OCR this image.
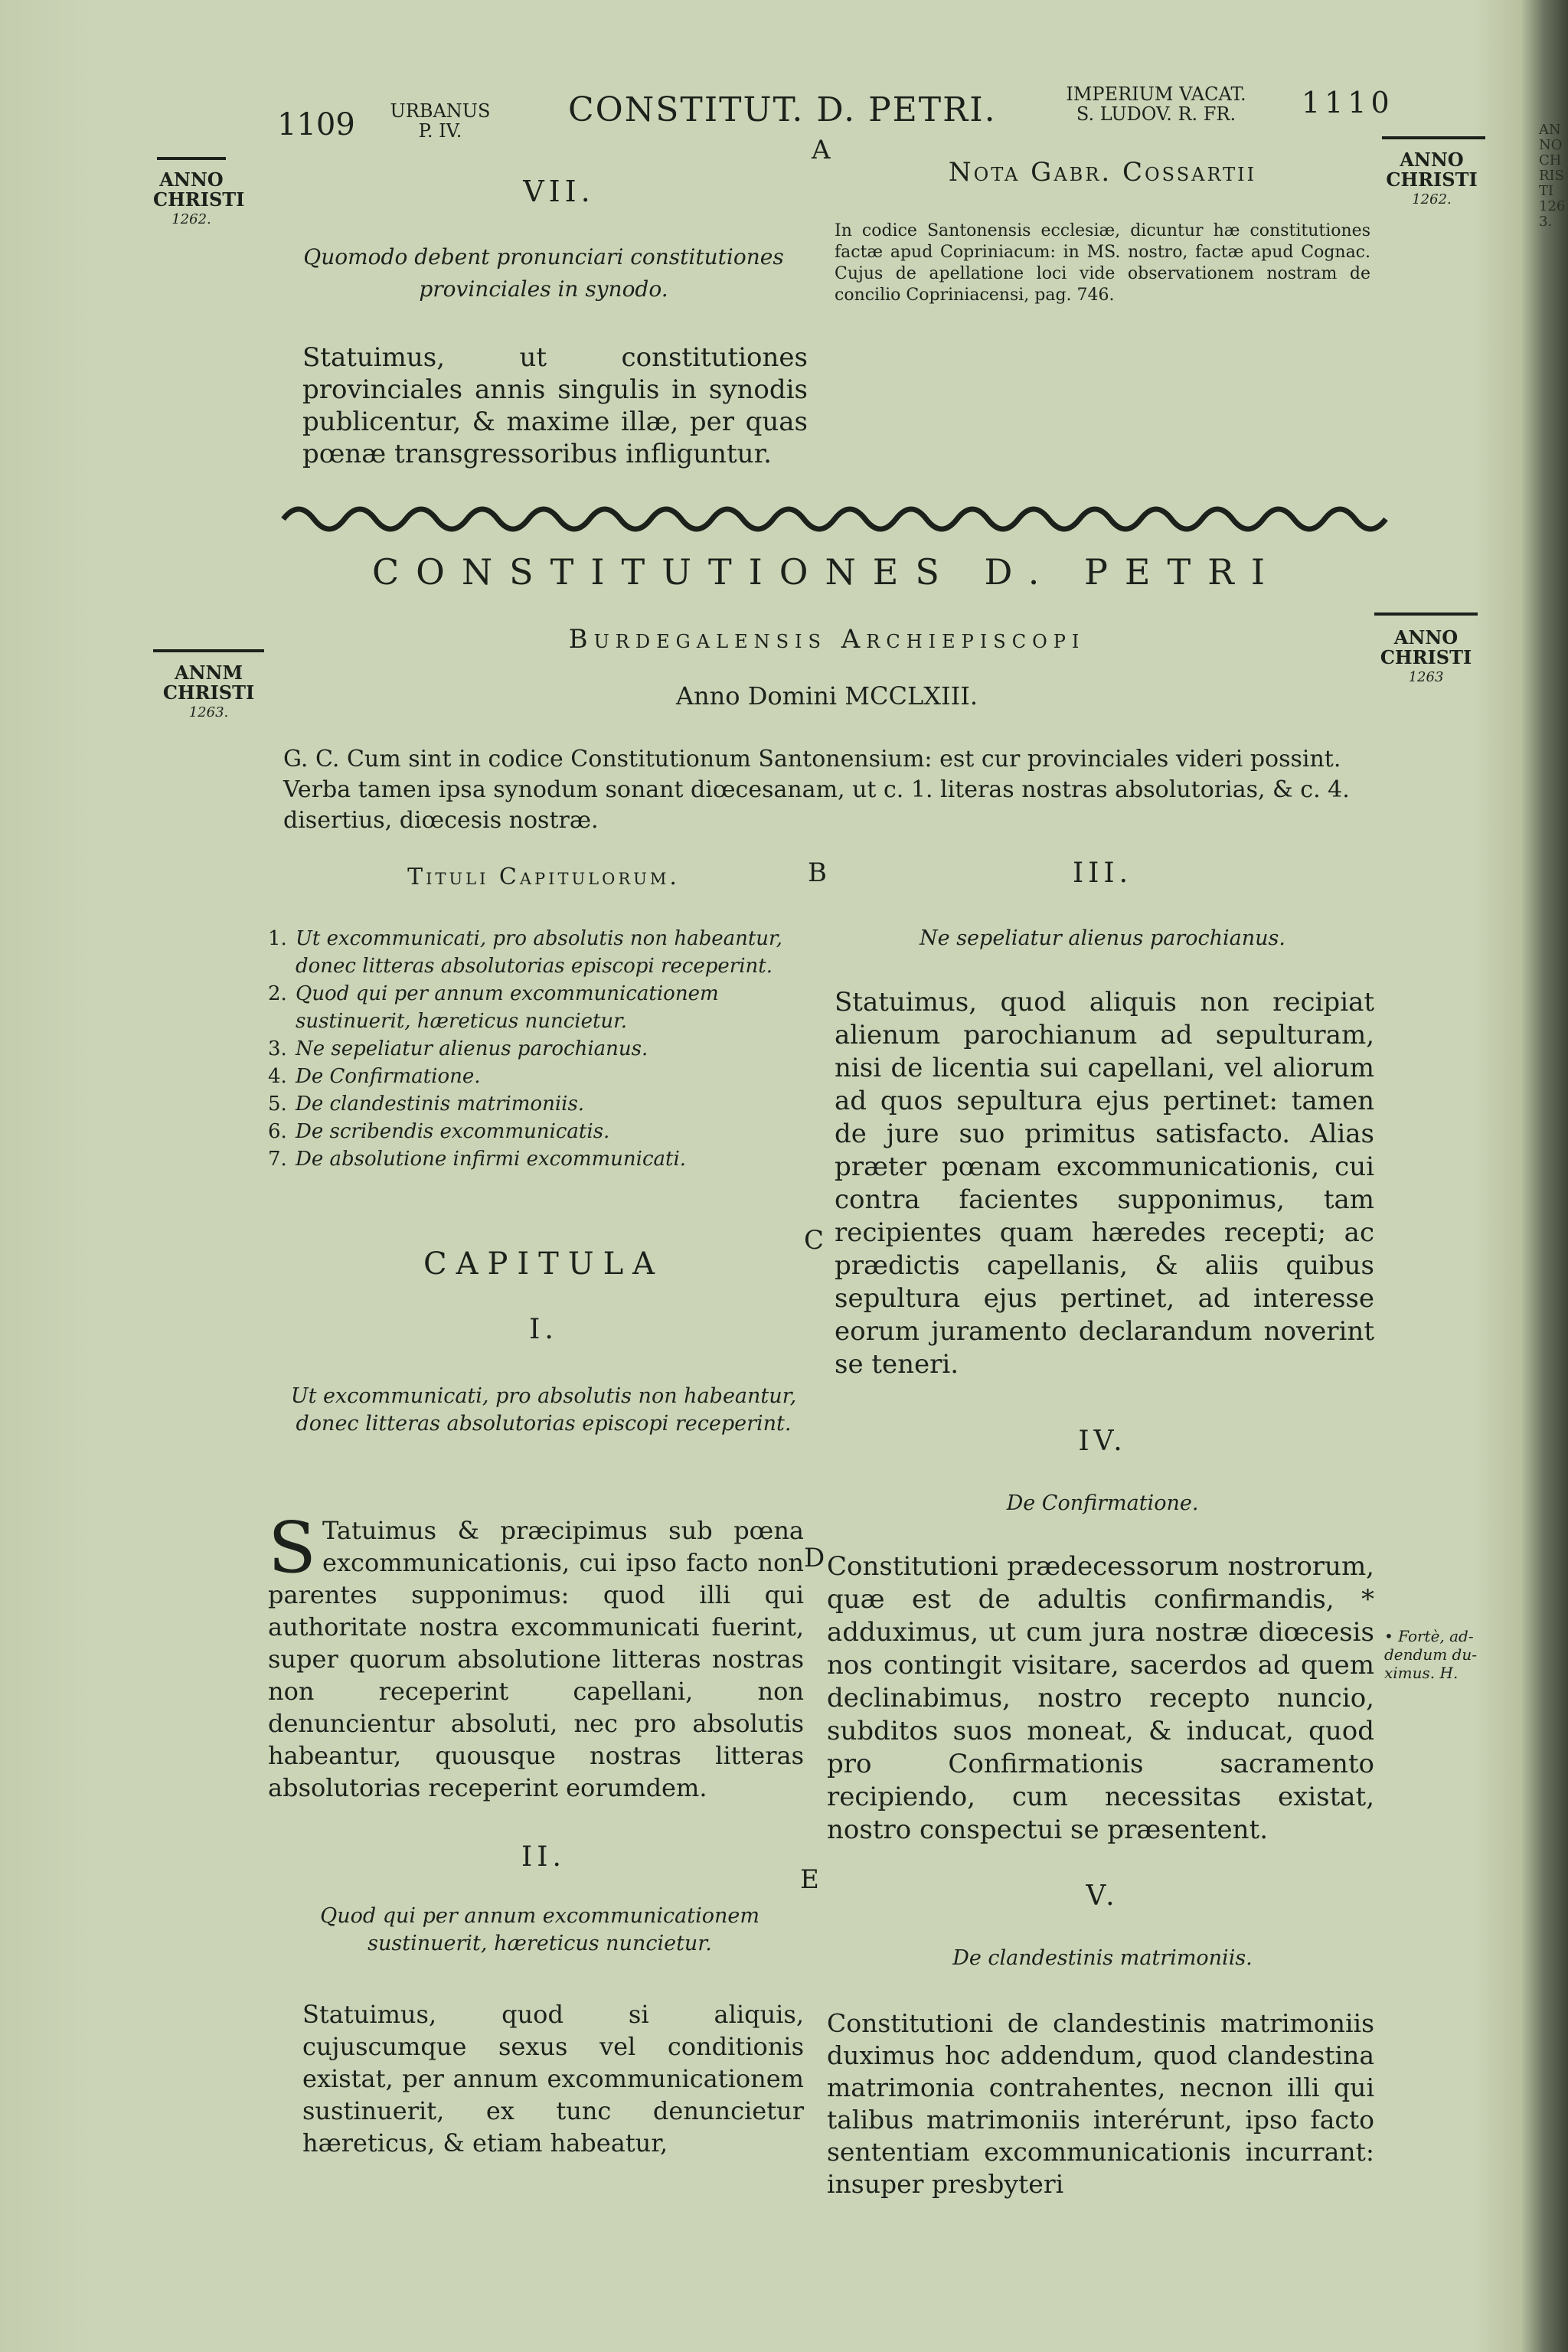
1109	URBANUS
P. IV.
CONSTITUT. D. PETRI.	IMPERIUM VACAT.
S. LUDOV. R. FR.	1110
A
B
C
D
E
ANNO
CHRISTI
1262.
ANNO
CHRISTI
1262.
ANNM
CHRISTI
1263.
ANNO
CHRISTI
1263
• Fortè, ad-
dendum du-
ximus. H.
ANNO CHRISTI 1263.
VII.
Quomodo debent pronunciari constitutiones provinciales in synodo.
Statuimus, ut constitutiones provinciales annis singulis in synodis publicentur, & maxime illæ, per quas pœnæ transgressoribus infliguntur.
Nota Gabr. Cossartii
In codice Santonensis ecclesiæ, dicuntur hæ constitutiones factæ apud Copriniacum: in MS. nostro, factæ apud Cognac. Cujus de apellatione loci vide observationem nostram de concilio Copriniacensi, pag. 746.
CONSTITUTIONES D. PETRI
Burdegalensis Archiepiscopi
Anno Domini MCCLXIII.
G. C. Cum sint in codice Constitutionum Santonensium: est cur provinciales videri possint. Verba tamen ipsa synodum sonant diœcesanam, ut c. 1. literas nostras absolutorias, & c. 4. disertius, diœcesis nostræ.
Tituli Capitulorum.
1. Ut excommunicati, pro absolutis non habeantur, donec litteras absolutorias episcopi receperint.
2. Quod qui per annum excommunicationem sustinuerit, hæreticus nuncietur.
3. Ne sepeliatur alienus parochianus.
4. De Confirmatione.
5. De clandestinis matrimoniis.
6. De scribendis excommunicatis.
7. De absolutione infirmi excommunicati.
CAPITULA
I.
Ut excommunicati, pro absolutis non habeantur, donec litteras absolutorias episcopi receperint.
S Tatuimus & præcipimus sub pœna excommunicationis, cui ipso facto non parentes supponimus: quod illi qui authoritate nostra excommunicati fuerint, super quorum absolutione litteras nostras non receperint capellani, non denuncientur absoluti, nec pro absolutis habeantur, quousque nostras litteras absolutorias receperint eorumdem.
II.
Quod qui per annum excommunicationem sustinuerit, hæreticus nuncietur.
Statuimus, quod si aliquis, cujuscumque sexus vel conditionis existat, per annum excommunicationem sustinuerit, ex tunc denuncietur hæreticus, & etiam habeatur,
III.
Ne sepeliatur alienus parochianus.
Statuimus, quod aliquis non recipiat alienum parochianum ad sepulturam, nisi de licentia sui capellani, vel aliorum ad quos sepultura ejus pertinet: tamen de jure suo primitus satisfacto. Alias præter pœnam excommunicationis, cui contra facientes supponimus, tam recipientes quam hæredes recepti; ac prædictis capellanis, & aliis quibus sepultura ejus pertinet, ad interesse eorum juramento declarandum noverint se teneri.
IV.
De Confirmatione.
Constitutioni prædecessorum nostrorum, quæ est de adultis confirmandis, * adduximus, ut cum jura nostræ diœcesis nos contingit visitare, sacerdos ad quem declinabimus, nostro recepto nuncio, subditos suos moneat, & inducat, quod pro Confirmationis sacramento recipiendo, cum necessitas existat, nostro conspectui se præsentent.
V.
De clandestinis matrimoniis.
Constitutioni de clandestinis matrimoniis duximus hoc addendum, quod clandestina matrimonia contrahentes, necnon illi qui talibus matrimoniis interérunt, ipso facto sententiam excommunicationis incurrant: insuper presbyteri
